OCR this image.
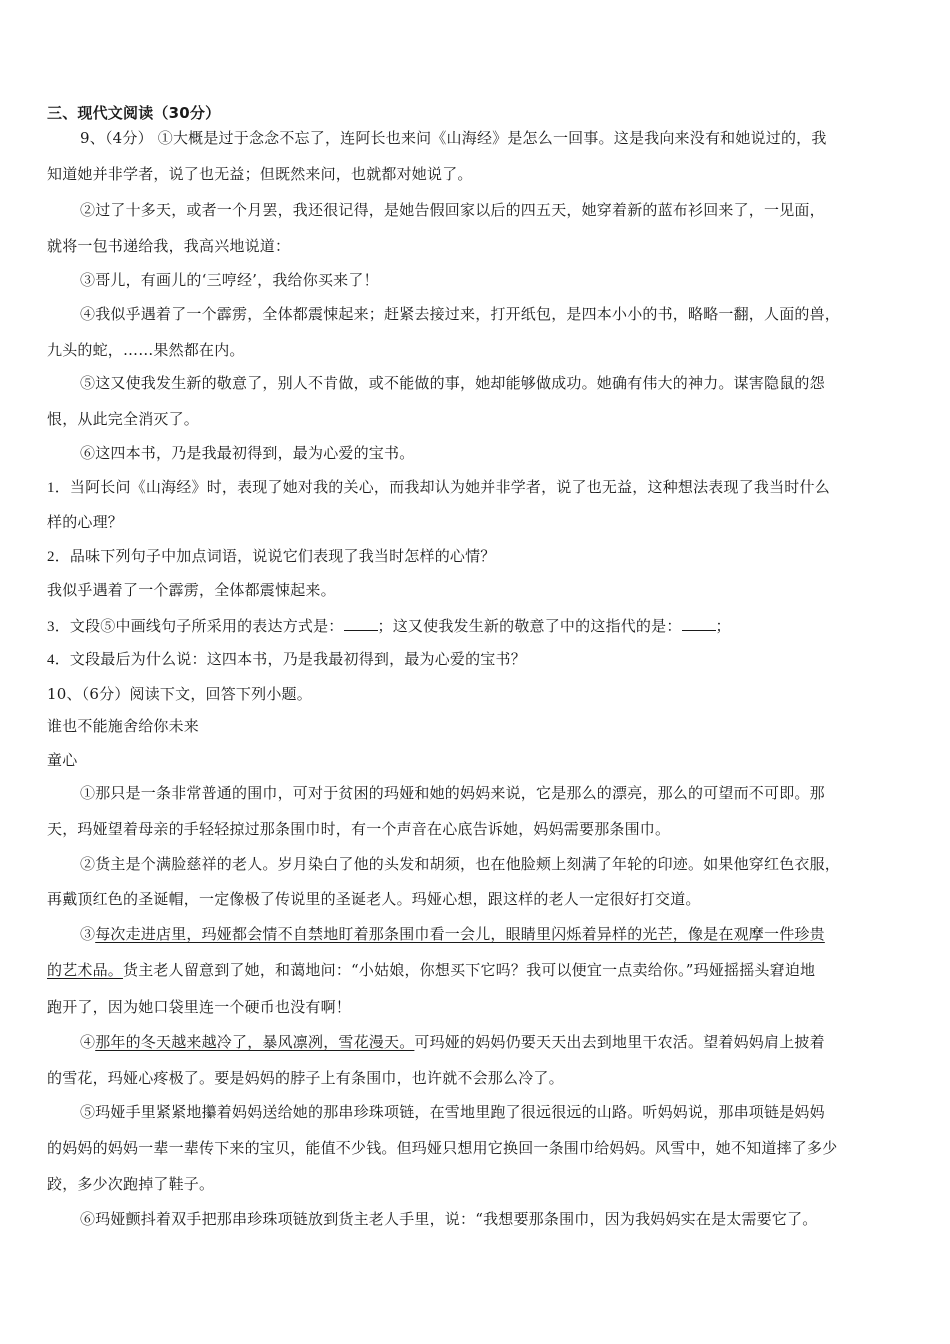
三、现代文阅读（30分）
9、（4分） ①大概是过于念念不忘了，连阿长也来问《山海经》是怎么一回事。这是我向来没有和她说过的，我
知道她并非学者，说了也无益；但既然来问，也就都对她说了。
②过了十多天，或者一个月罢，我还很记得，是她告假回家以后的四五天，她穿着新的蓝布衫回来了，一见面，
就将一包书递给我，我高兴地说道：
③哥儿，有画儿的‘三哼经’，我给你买来了！
④我似乎遇着了一个霹雳，全体都震悚起来；赶紧去接过来，打开纸包，是四本小小的书，略略一翻，人面的兽，
九头的蛇，……果然都在内。
⑤这又使我发生新的敬意了，别人不肯做，或不能做的事，她却能够做成功。她确有伟大的神力。谋害隐鼠的怨
恨，从此完全消灭了。
⑥这四本书，乃是我最初得到，最为心爱的宝书。
1．当阿长问《山海经》时，表现了她对我的关心，而我却认为她并非学者，说了也无益，这种想法表现了我当时什么
样的心理？
2．品味下列句子中加点词语，说说它们表现了我当时怎样的心情？
我似乎遇着了一个霹雳，全体都震悚起来。
3．文段⑤中画线句子所采用的表达方式是： ；这又使我发生新的敬意了中的这指代的是： ；
4．文段最后为什么说：这四本书，乃是我最初得到，最为心爱的宝书？
10、（6分）阅读下文，回答下列小题。
谁也不能施舍给你未来
童心
①那只是一条非常普通的围巾，可对于贫困的玛娅和她的妈妈来说，它是那么的漂亮，那么的可望而不可即。那
天，玛娅望着母亲的手轻轻掠过那条围巾时，有一个声音在心底告诉她，妈妈需要那条围巾。
②货主是个满脸慈祥的老人。岁月染白了他的头发和胡须，也在他脸颊上刻满了年轮的印迹。如果他穿红色衣服，
再戴顶红色的圣诞帽，一定像极了传说里的圣诞老人。玛娅心想，跟这样的老人一定很好打交道。
③每次走进店里，玛娅都会情不自禁地盯着那条围巾看一会儿，眼睛里闪烁着异样的光芒，像是在观摩一件珍贵
的艺术品。货主老人留意到了她，和蔼地问：“小姑娘，你想买下它吗？我可以便宜一点卖给你。”玛娅摇摇头窘迫地
跑开了，因为她口袋里连一个硬币也没有啊！
④那年的冬天越来越冷了，暴风凛冽，雪花漫天。可玛娅的妈妈仍要天天出去到地里干农活。望着妈妈肩上披着
的雪花，玛娅心疼极了。要是妈妈的脖子上有条围巾，也许就不会那么冷了。
⑤玛娅手里紧紧地攥着妈妈送给她的那串珍珠项链，在雪地里跑了很远很远的山路。听妈妈说，那串项链是妈妈
的妈妈的妈妈一辈一辈传下来的宝贝，能值不少钱。但玛娅只想用它换回一条围巾给妈妈。风雪中，她不知道摔了多少
跤，多少次跑掉了鞋子。
⑥玛娅颤抖着双手把那串珍珠项链放到货主老人手里，说：“我想要那条围巾，因为我妈妈实在是太需要它了。
